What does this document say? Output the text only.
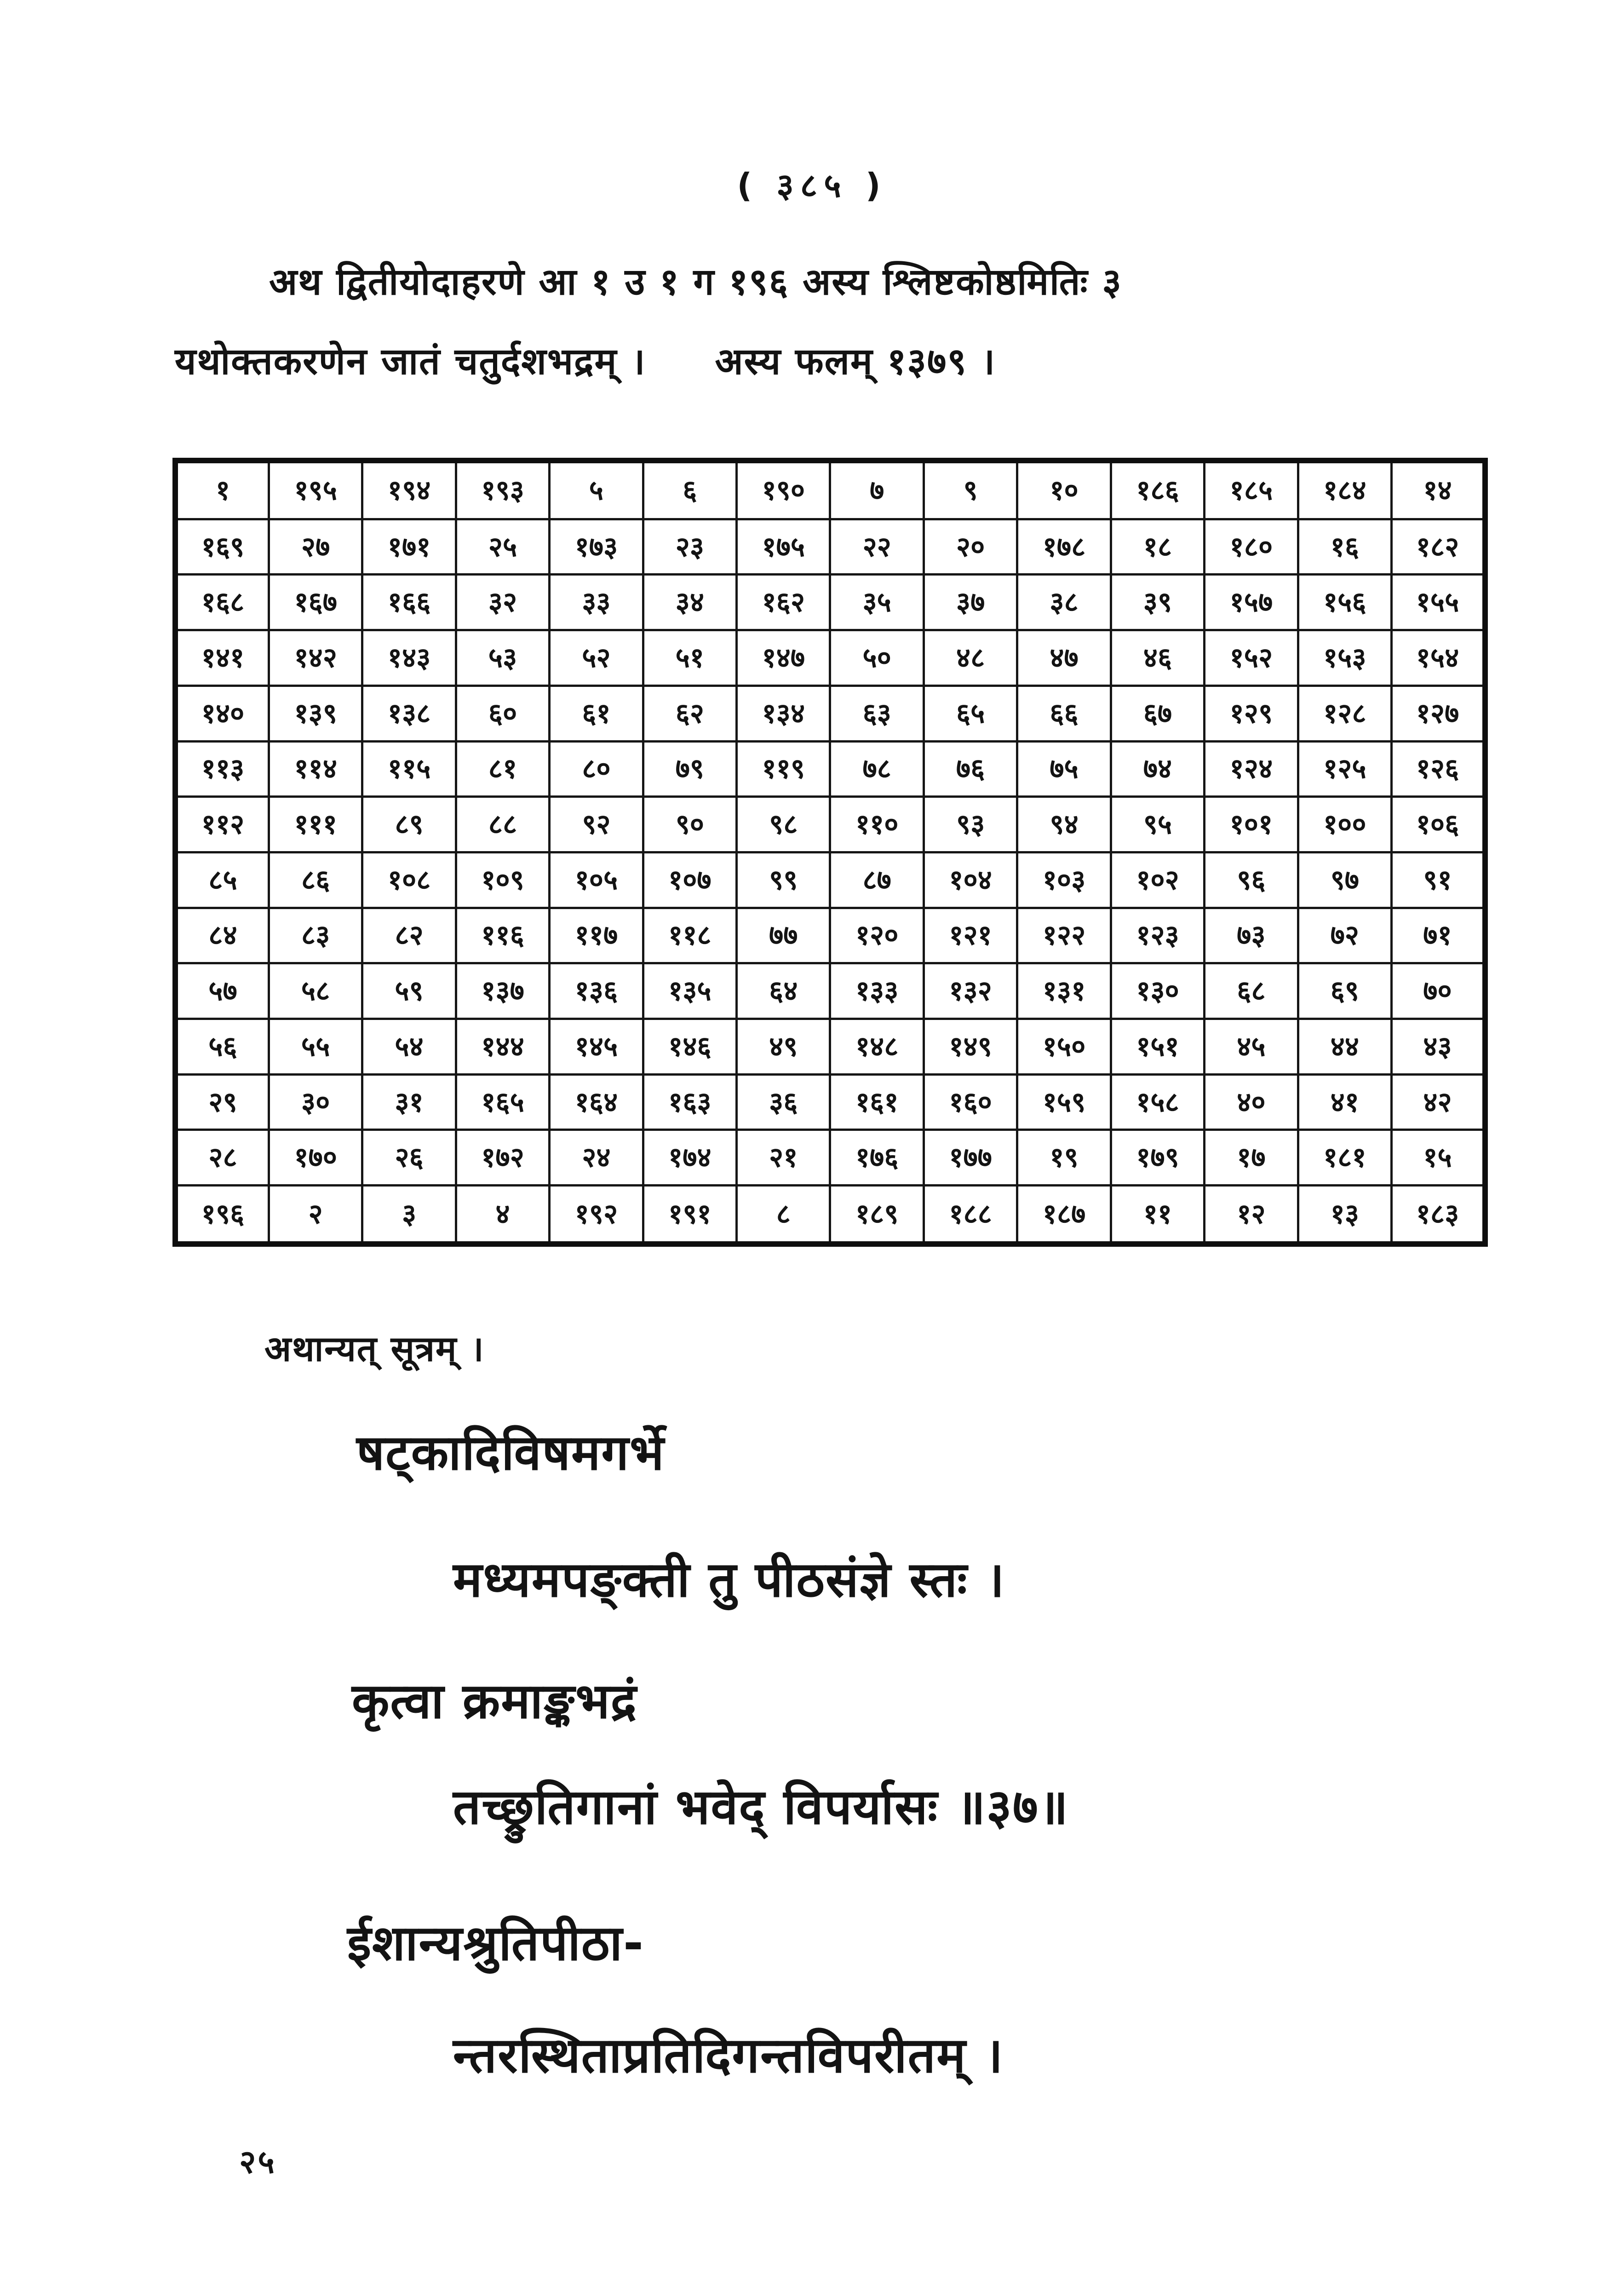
( ३८५ )
अथ द्वितीयोदाहरणे आ १ उ १ ग १९६ अस्य श्लिष्टकोष्ठमितिः ३
यथोक्तकरणेन जातं चतुर्दशभद्रम् । अस्य फलम् १३७९ ।
१	१९५	१९४	१९३	५	६	१९०	७	९	१०	१८६	१८५	१८४	१४
१६९	२७	१७१	२५	१७३	२३	१७५	२२	२०	१७८	१८	१८०	१६	१८२
१६८	१६७	१६६	३२	३३	३४	१६२	३५	३७	३८	३९	१५७	१५६	१५५
१४१	१४२	१४३	५३	५२	५१	१४७	५०	४८	४७	४६	१५२	१५३	१५४
१४०	१३९	१३८	६०	६१	६२	१३४	६३	६५	६६	६७	१२९	१२८	१२७
११३	११४	११५	८१	८०	७९	११९	७८	७६	७५	७४	१२४	१२५	१२६
११२	१११	८९	८८	९२	९०	९८	११०	९३	९४	९५	१०१	१००	१०६
८५	८६	१०८	१०९	१०५	१०७	९९	८७	१०४	१०३	१०२	९६	९७	९१
८४	८३	८२	११६	११७	११८	७७	१२०	१२१	१२२	१२३	७३	७२	७१
५७	५८	५९	१३७	१३६	१३५	६४	१३३	१३२	१३१	१३०	६८	६९	७०
५६	५५	५४	१४४	१४५	१४६	४९	१४८	१४९	१५०	१५१	४५	४४	४३
२९	३०	३१	१६५	१६४	१६३	३६	१६१	१६०	१५९	१५८	४०	४१	४२
२८	१७०	२६	१७२	२४	१७४	२१	१७६	१७७	१९	१७९	१७	१८१	१५
१९६	२	३	४	१९२	१९१	८	१८९	१८८	१८७	११	१२	१३	१८३
अथान्यत् सूत्रम् ।
षट्कादिविषमगर्भे
मध्यमपङ्क्ती तु पीठसंज्ञे स्तः ।
कृत्वा क्रमाङ्कभद्रं
तच्छ्रुतिगानां भवेद् विपर्यासः ॥३७॥
ईशान्यश्रुतिपीठा-
न्तरस्थिताप्रतिदिगन्तविपरीतम् ।
२५
